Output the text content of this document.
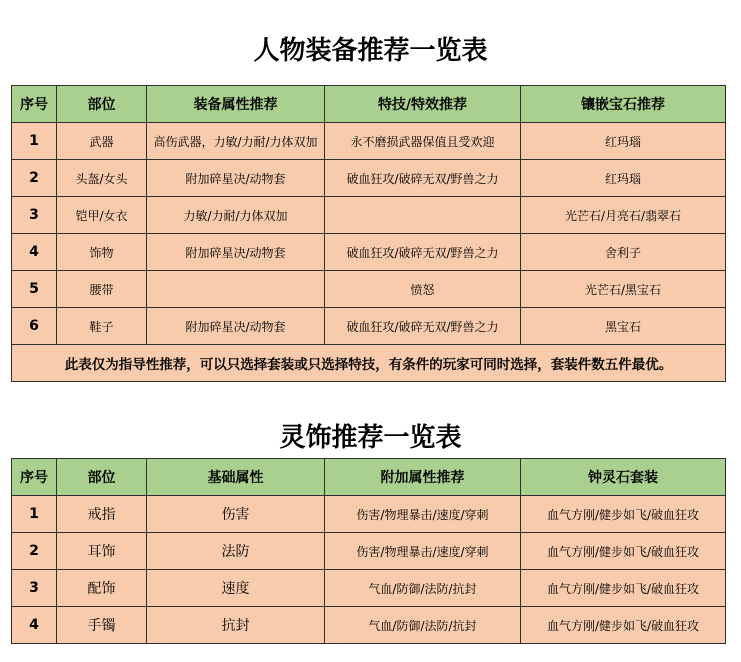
人物装备推荐一览表
序号	部位	装备属性推荐	特技/特效推荐	镶嵌宝石推荐
1	武器	高伤武器，力敏/力耐/力体双加	永不磨损武器保值且受欢迎	红玛瑙
2	头盔/女头	附加碎星决/动物套	破血狂攻/破碎无双/野兽之力	红玛瑙
3	铠甲/女衣	力敏/力耐/力体双加		光芒石/月亮石/翡翠石
4	饰物	附加碎星决/动物套	破血狂攻/破碎无双/野兽之力	舍利子
5	腰带		愤怒	光芒石/黑宝石
6	鞋子	附加碎星决/动物套	破血狂攻/破碎无双/野兽之力	黑宝石
此表仅为指导性推荐，可以只选择套装或只选择特技，有条件的玩家可同时选择，套装件数五件最优。				
灵饰推荐一览表
序号	部位	基础属性	附加属性推荐	钟灵石套装
1	戒指	伤害	伤害/物理暴击/速度/穿刺	血气方刚/健步如飞/破血狂攻
2	耳饰	法防	伤害/物理暴击/速度/穿刺	血气方刚/健步如飞/破血狂攻
3	配饰	速度	气血/防御/法防/抗封	血气方刚/健步如飞/破血狂攻
4	手镯	抗封	气血/防御/法防/抗封	血气方刚/健步如飞/破血狂攻
